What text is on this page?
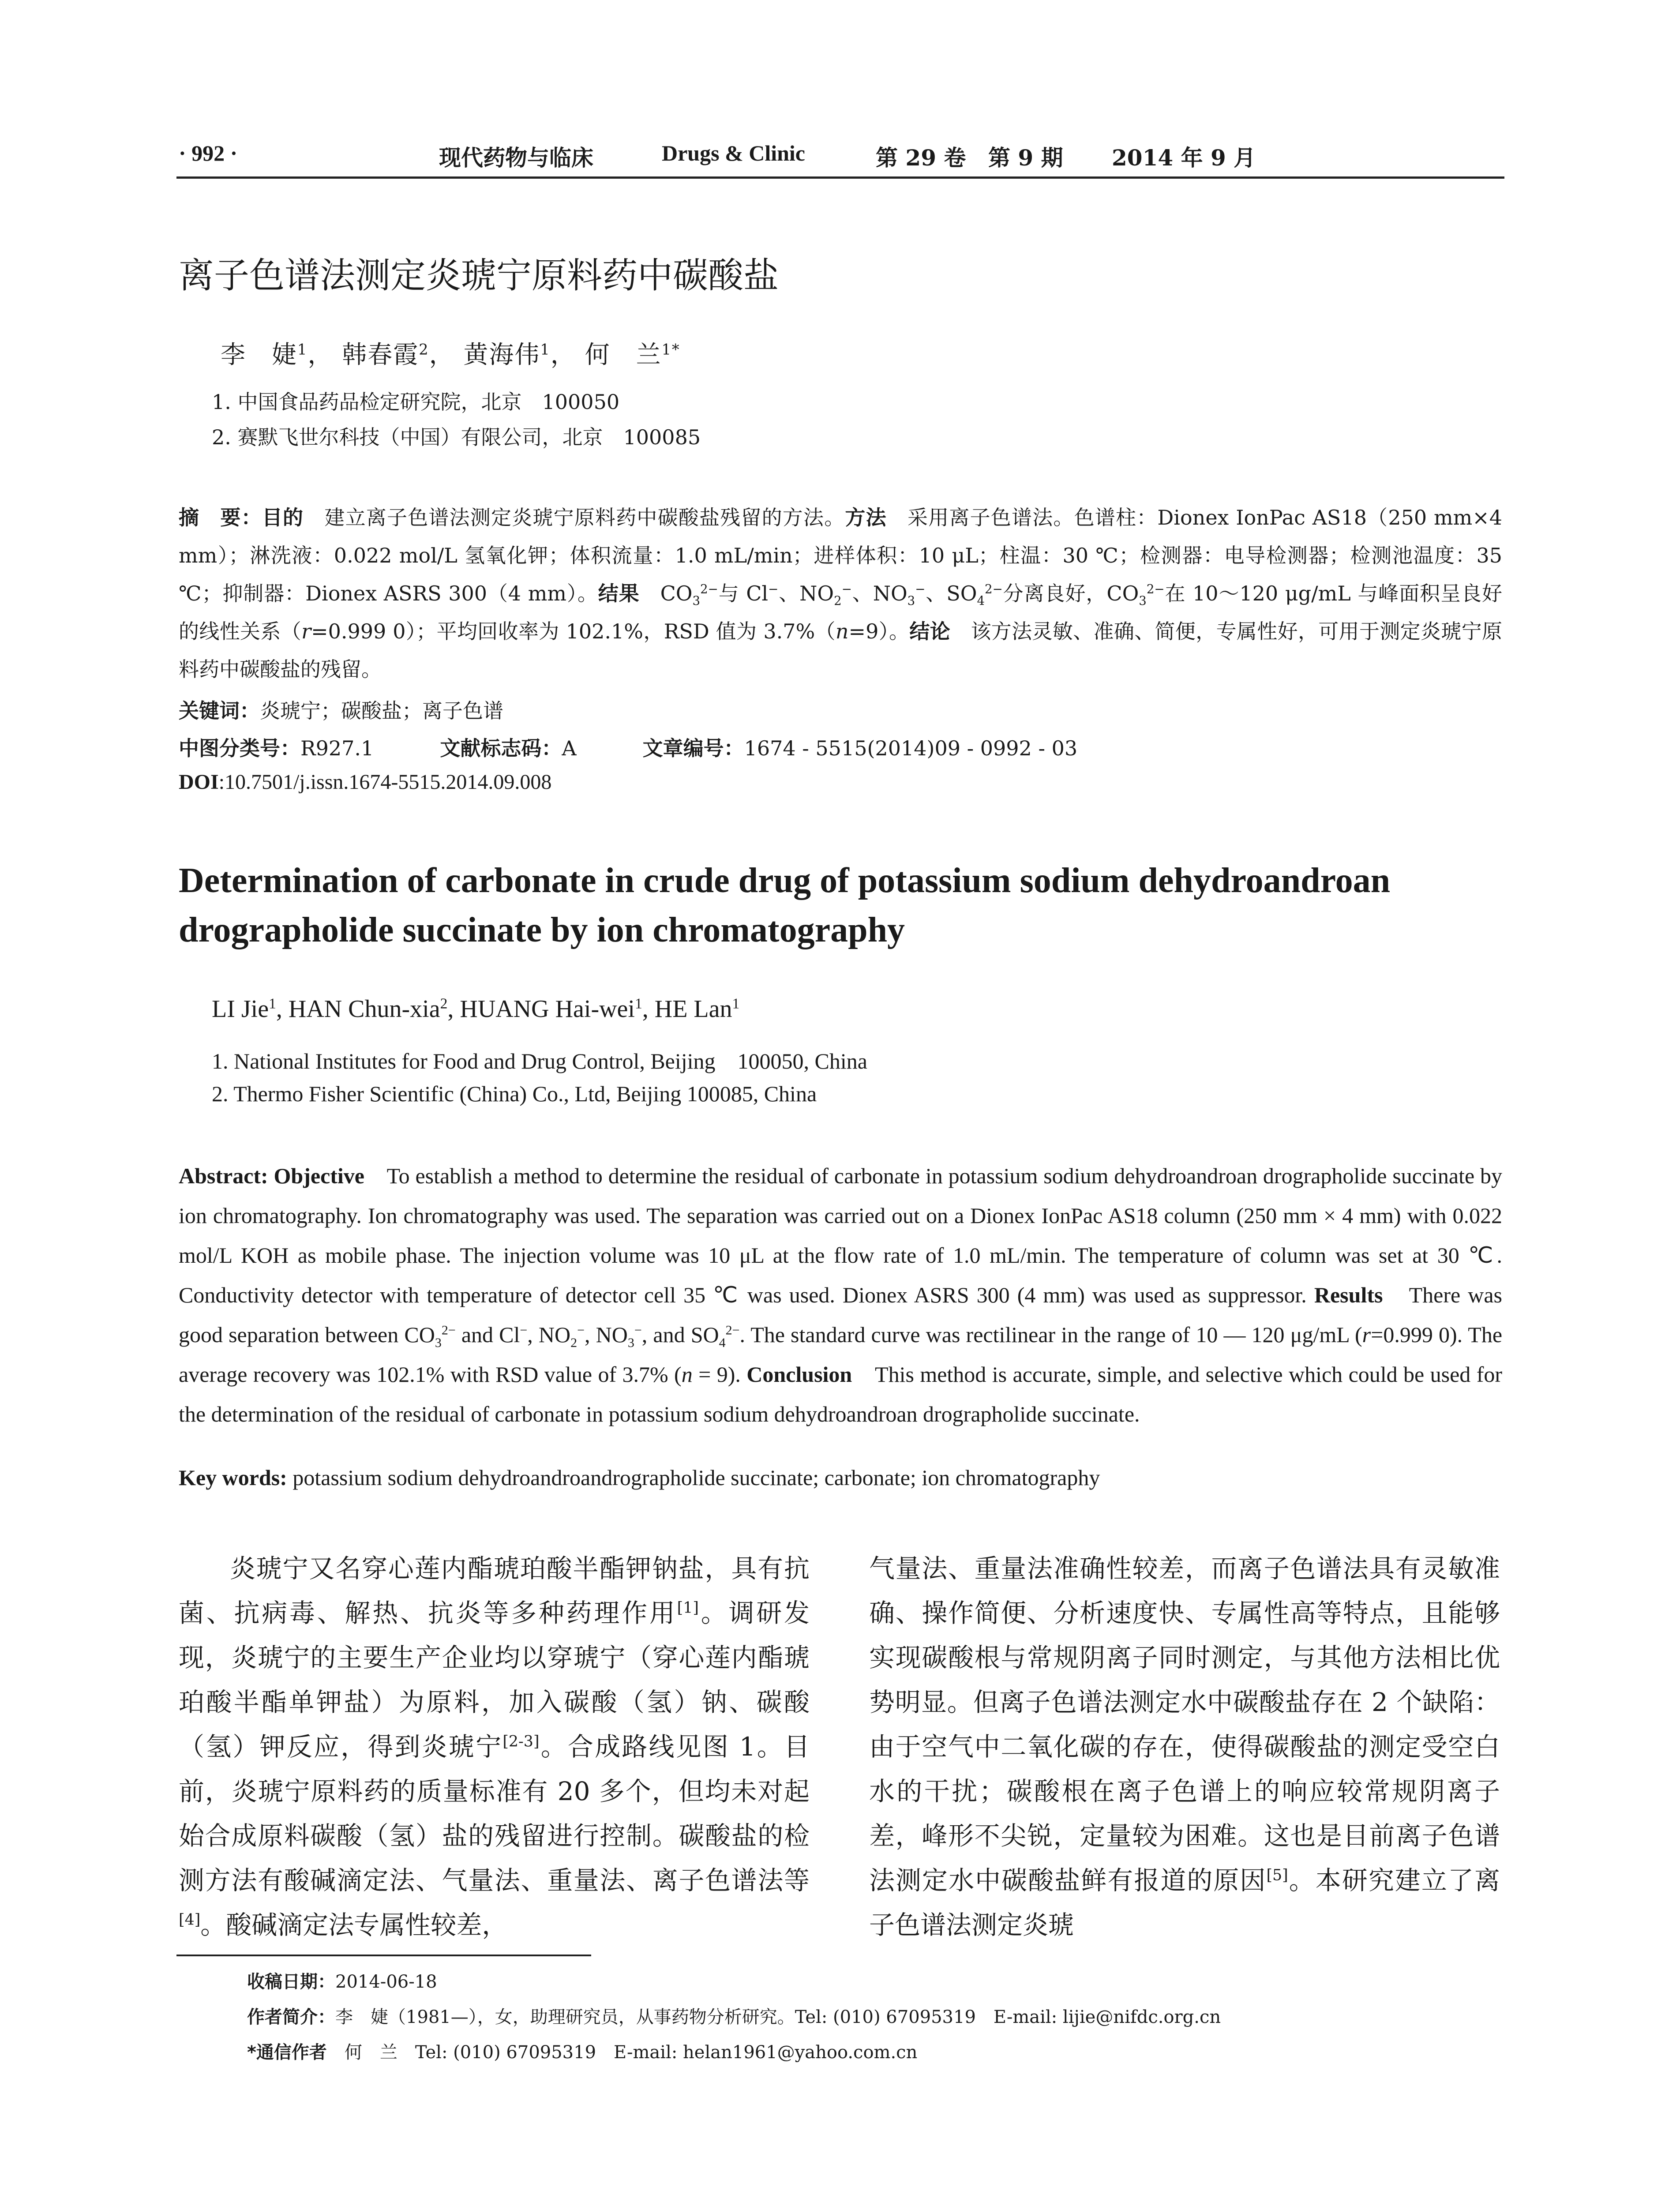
· 992 ·	现代药物与临床	Drugs & Clinic	第 29 卷 第 9 期 2014 年 9 月
离子色谱法测定炎琥宁原料药中碳酸盐
李　婕$^1$， 韩春霞$^2$， 黄海伟$^1$， 何　兰$^{1*}$
1. 中国食品药品检定研究院，北京　100050
2. 赛默飞世尔科技（中国）有限公司，北京　100085
摘　要：目的　建立离子色谱法测定炎琥宁原料药中碳酸盐残留的方法。方法　采用离子色谱法。色谱柱：Dionex IonPac AS18（250 mm×4 mm）；淋洗液：0.022 mol/L 氢氧化钾；体积流量：1.0 mL/min；进样体积：10 μL；柱温：30 ℃；检测器：电导检测器；检测池温度：35 ℃；抑制器：Dionex ASRS 300（4 mm）。结果　$CO_3^{2-}$与 Cl−、$NO_2^-$、$NO_3^-$、$SO_4^{2-}$分离良好，$CO_3^{2-}$在 10～120 μg/mL 与峰面积呈良好的线性关系（r=0.999 0）；平均回收率为 102.1%，RSD 值为 3.7%（n=9）。结论　该方法灵敏、准确、简便，专属性好，可用于测定炎琥宁原料药中碳酸盐的残留。
关键词：炎琥宁；碳酸盐；离子色谱
中图分类号：R927.1	文献标志码：A	文章编号：1674 - 5515(2014)09 - 0992 - 03
DOI:10.7501/j.issn.1674-5515.2014.09.008
Determination of carbonate in crude drug of potassium sodium dehydroandroan drographolide succinate by ion chromatography
LI Jie$^1$, HAN Chun-xia$^2$, HUANG Hai-wei$^1$, HE Lan$^1$
1. National Institutes for Food and Drug Control, Beijing　100050, China
2. Thermo Fisher Scientific (China) Co., Ltd, Beijing 100085, China
Abstract: Objective　To establish a method to determine the residual of carbonate in potassium sodium dehydroandroan drographolide succinate by ion chromatography. Ion chromatography was used. The separation was carried out on a Dionex IonPac AS18 column (250 mm × 4 mm) with 0.022 mol/L KOH as mobile phase. The injection volume was 10 μL at the flow rate of 1.0 mL/min. The temperature of column was set at 30 ℃. Conductivity detector with temperature of detector cell 35 ℃ was used. Dionex ASRS 300 (4 mm) was used as suppressor. Results　There was good separation between $CO_3^{2-}$ and Cl−, $NO_2^-$, $NO_3^-$, and $SO_4^{2-}$. The standard curve was rectilinear in the range of 10 — 120 μg/mL (r=0.999 0). The average recovery was 102.1% with RSD value of 3.7% (n = 9). Conclusion　This method is accurate, simple, and selective which could be used for the determination of the residual of carbonate in potassium sodium dehydroandroan drographolide succinate.
Key words: potassium sodium dehydroandroandrographolide succinate; carbonate; ion chromatography

炎琥宁又名穿心莲内酯琥珀酸半酯钾钠盐，具有抗菌、抗病毒、解热、抗炎等多种药理作用[1]。调研发现，炎琥宁的主要生产企业均以穿琥宁（穿心莲内酯琥珀酸半酯单钾盐）为原料，加入碳酸（氢）钠、碳酸（氢）钾反应，得到炎琥宁[2-3]。合成路线见图 1。目前，炎琥宁原料药的质量标准有 20 多个，但均未对起始合成原料碳酸（氢）盐的残留进行控制。碳酸盐的检测方法有酸碱滴定法、气量法、重量法、离子色谱法等[4]。酸碱滴定法专属性较差，

气量法、重量法准确性较差，而离子色谱法具有灵敏准确、操作简便、分析速度快、专属性高等特点，且能够实现碳酸根与常规阴离子同时测定，与其他方法相比优势明显。但离子色谱法测定水中碳酸盐存在 2 个缺陷：由于空气中二氧化碳的存在，使得碳酸盐的测定受空白水的干扰；碳酸根在离子色谱上的响应较常规阴离子差，峰形不尖锐，定量较为困难。这也是目前离子色谱法测定水中碳酸盐鲜有报道的原因[5]。本研究建立了离子色谱法测定炎琥

收稿日期：2014-06-18
作者简介：李　婕（1981—），女，助理研究员，从事药物分析研究。Tel: (010) 67095319　E-mail: lijie@nifdc.org.cn
*通信作者　何　兰　Tel: (010) 67095319　E-mail: helan1961@yahoo.com.cn
